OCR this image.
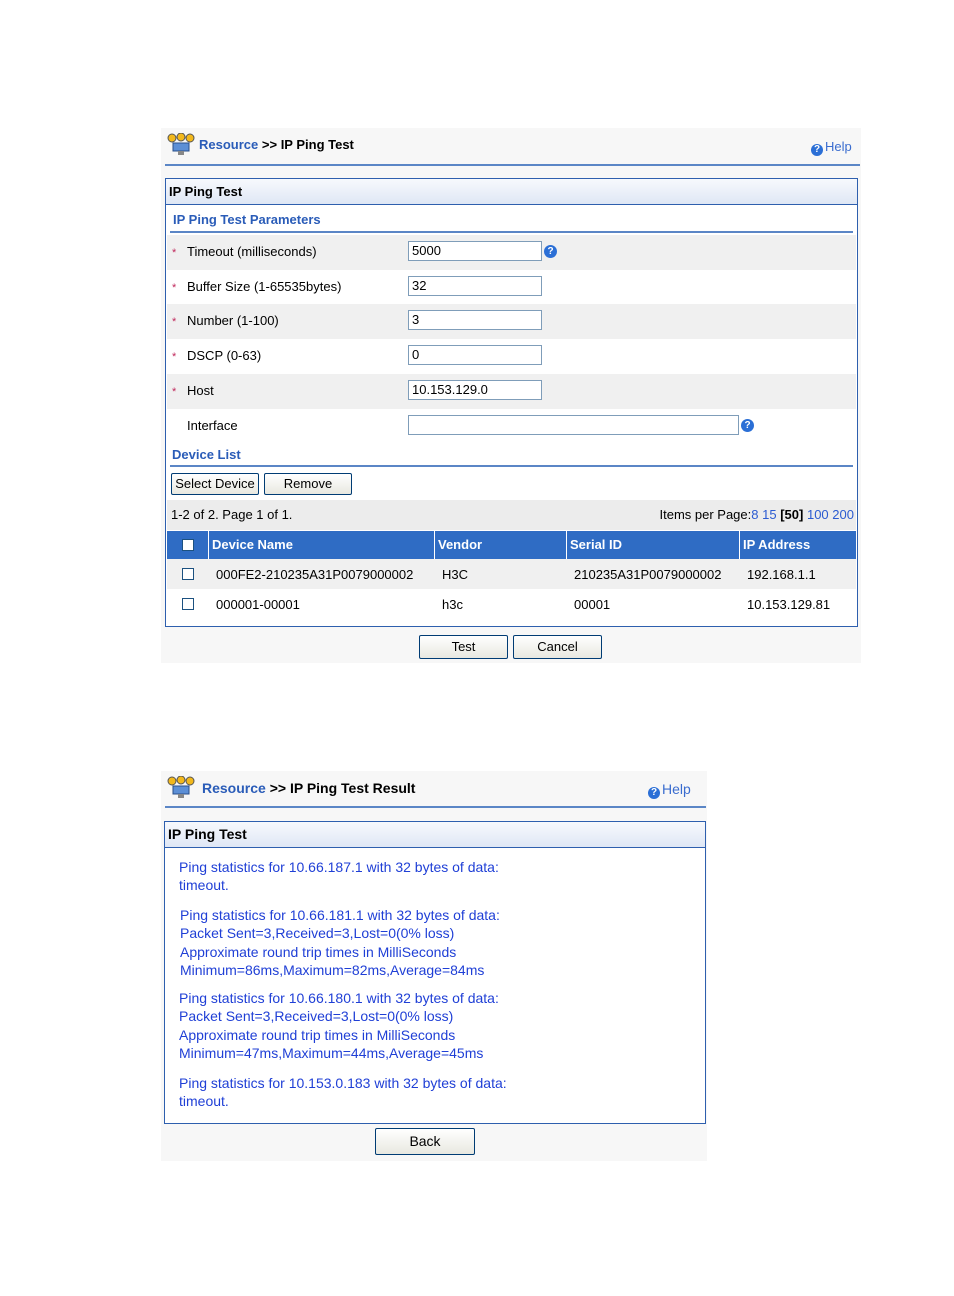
Resource >> IP Ping Test	? Help
IP Ping Test
IP Ping Test Parameters
* Timeout (milliseconds)
5000	?
* Buffer Size (1-65535bytes)
32
* Number (1-100)
3
* DSCP (0-63)
0
* Host
10.153.129.0
Interface	?
Device List
Select Device	Remove
1-2 of 2. Page 1 of 1.	Items per Page:8 15 [50] 100 200
Device Name	Vendor	Serial ID	IP Address
000FE2-210235A31P0079000002 H3C	210235A31P0079000002 192.168.1.1
000001-00001	h3c	00001	10.153.129.81
Test	Cancel
Resource >> IP Ping Test Result	? Help
IP Ping Test

Ping statistics for 10.66.187.1 with 32 bytes of data:

timeout.

Ping statistics for 10.66.181.1 with 32 bytes of data:

Packet Sent=3,Received=3,Lost=0(0% loss)

Approximate round trip times in MilliSeconds

Minimum=86ms,Maximum=82ms,Average=84ms

Ping statistics for 10.66.180.1 with 32 bytes of data:

Packet Sent=3,Received=3,Lost=0(0% loss)

Approximate round trip times in MilliSeconds

Minimum=47ms,Maximum=44ms,Average=45ms

Ping statistics for 10.153.0.183 with 32 bytes of data:

timeout.

Back
